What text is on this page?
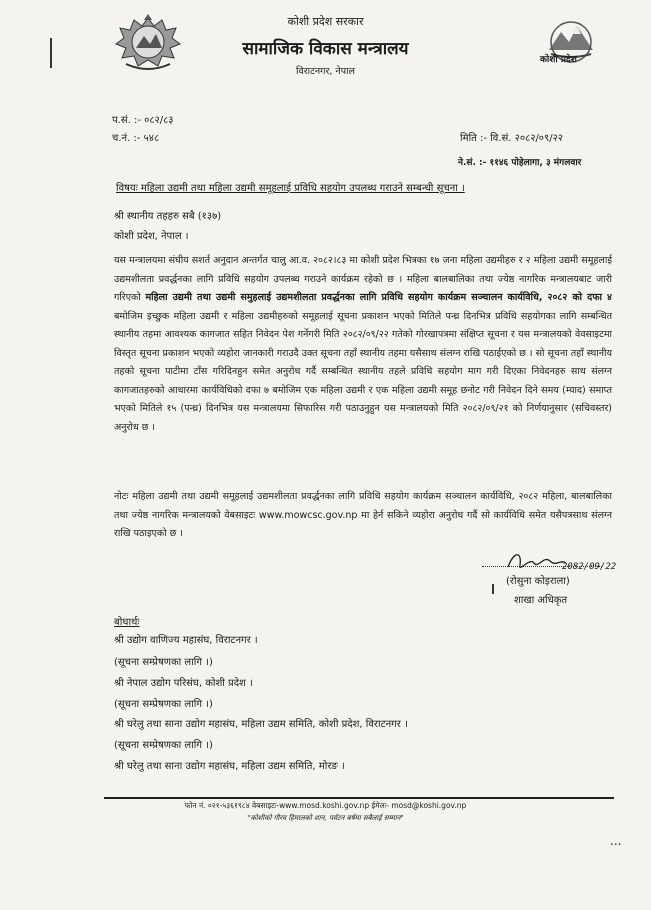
कोशी प्रदेश
कोशी प्रदेश सरकार
सामाजिक विकास मन्त्रालय
विराटनगर, नेपाल
प.सं. :- ०८२/८३
च.नं. :- ५४८	मिति :- वि.सं. २०८२/०९/२२
ने.सं. :- ११४६ पोहेलागा, ३ मंगलवार
विषयः महिला उद्यमी तथा महिला उद्यमी समूहलाई प्रविधि सहयोग उपलब्ध गराउने सम्बन्धी सूचना ।
श्री स्थानीय तहहरु सबै (१३७)
कोशी प्रदेश, नेपाल ।

यस मन्त्रालयमा संघीय सशर्त अनुदान अन्तर्गत चालु आ.व. २०८२।८३ मा कोशी प्रदेश भित्रका १७ जना महिला उद्यमीहरु र २ महिला उद्यमी समूहलाई उद्यमशीलता प्रवर्द्धनका लागि प्रविधि सहयोग उपलब्ध गराउने कार्यक्रम रहेको छ । महिला बालबालिका तथा ज्येष्ठ नागरिक मन्त्रालयबाट जारी गरिएको महिला उद्यमी तथा उद्यमी समुहलाई उद्यमशीलता प्रवर्द्धनका लागि प्रविधि सहयोग कार्यक्रम सञ्चालन कार्यविधि, २०८२ को दफा ४ बमोजिम इच्छुक महिला उद्यमी र महिला उद्यमीहरुको समूहलाई सूचना प्रकाशन भएको मितिले पन्ध्र दिनभित्र प्रविधि सहयोगका लागि सम्बन्धित स्थानीय तहमा आवश्यक कागजात सहित निवेदन पेश गर्नेगरी मिति २०८२/०९/२२ गतेको गोरखापत्रमा संक्षिप्त सूचना र यस मन्त्रालयको वेवसाइटमा विस्तृत सूचना प्रकाशन भएको व्यहोरा जानकारी गराउदै उक्त सूचना तहाँ स्थानीय तहमा यसैसाथ संलग्न राखि पठाईएको छ । सो सूचना तहाँ स्थानीय तहको सूचना पाटीमा टाँस गरिदिनहुन समेत अनुरोध गर्दै सम्बन्धित स्थानीय तहले प्रविधि सहयोग माग गरी दिएका निवेदनहरु साथ संलग्न कागजातहरुको आधारमा कार्यविधिको दफा ७ बमोजिम एक महिला उद्यमी र एक महिला उद्यमी समूह छनोट गरी निवेदन दिने समय (म्याद) समाप्त भएको मितिले १५ (पन्ध्र) दिनभित्र यस मन्त्रालयमा सिफारिस गरी पठाउनुहुन यस मन्त्रालयको मिति २०८२/०९/२१ को निर्णयानुसार (सचिवस्तर) अनुरोध छ ।

नोटः महिला उद्यमी तथा उद्यमी समूहलाई उद्यमशीलता प्रवर्द्धनका लागि प्रविधि सहयोग कार्यक्रम सञ्चालन कार्यविधि, २०८२ महिला, बालबालिका तथा ज्येष्ठ नागरिक मन्त्रालयको वेबसाइटः www.mowcsc.gov.np मा हेर्न सकिने व्यहोरा अनुरोध गर्दै सो कार्यविधि समेत यसैपत्रसाथ संलग्न राखि पठाइएको छ ।
2082/09/22
(रोसुना कोइराला)
शाखा अधिकृत
बोधार्थः
श्री उद्योग वाणिज्य महासंघ, विराटनगर ।
(सूचना सम्प्रेषणका लागि ।)
श्री नेपाल उद्योग परिसंघ, कोशी प्रदेश ।
(सूचना सम्प्रेषणका लागि ।)
श्री घरेलु तथा साना उद्योग महासंघ, महिला उद्यम समिति, कोशी प्रदेश, विराटनगर ।
(सूचना सम्प्रेषणका लागि ।)
श्री घरेलु तथा साना उद्योग महासंघ, महिला उद्यम समिति, मोरङ ।
फोन नं. ०२१-५३६१९८४ वेबसाइटः-www.mosd.koshi.gov.np ईमेलः- mosd@koshi.gov.np
"कोशीको गौरव हिमालको शान, पर्यटन बर्षमा सबैलाई सम्मान"
...
